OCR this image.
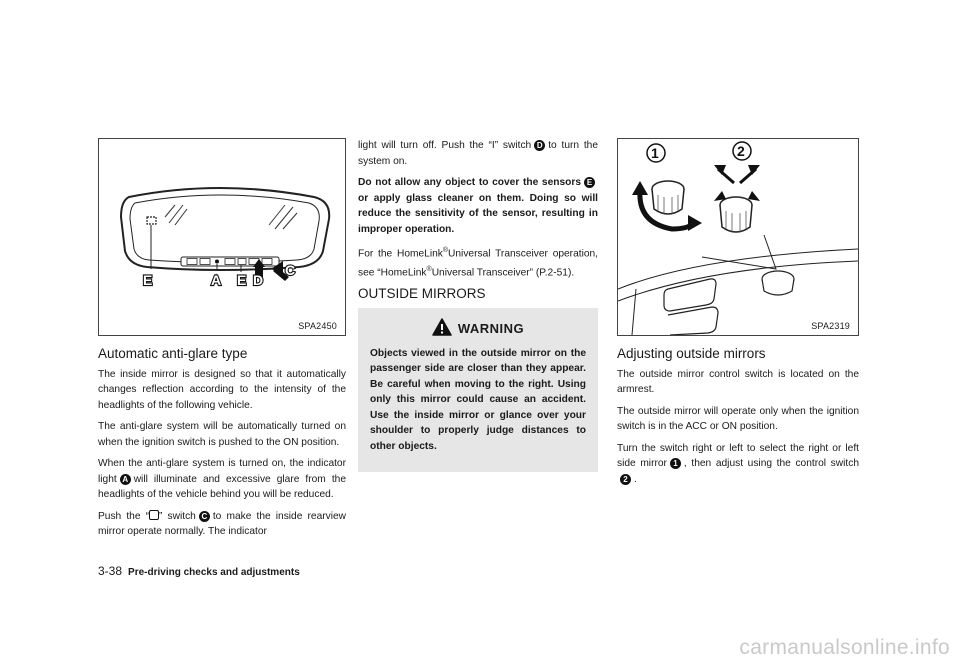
E	A E D
C
SPA2450
Automatic anti-glare type

The inside mirror is designed so that it automatically changes reflection according to the intensity of the headlights of the following vehicle.

The anti-glare system will be automatically turned on when the ignition switch is pushed to the ON position.

When the anti-glare system is turned on, the indicator light A will illuminate and excessive glare from the headlights of the vehicle behind you will be reduced.

Push the “ ” switch C to make the inside rearview mirror operate normally. The indicator

light will turn off. Push the “I” switch D to turn the system on.

Do not allow any object to cover the sensors Eor apply glass cleaner on them. Doing so will reduce the sensitivity of the sensor, resulting in improper operation.

For the HomeLink®Universal Transceiver operation, see “HomeLink®Universal Transceiver” (P.2-51).

OUTSIDE MIRRORS
WARNING

Objects viewed in the outside mirror on the passenger side are closer than they appear. Be careful when moving to the right. Using only this mirror could cause an accident. Use the inside mirror or glance over your shoulder to properly judge distances to other objects.

1	2
SPA2319
Adjusting outside mirrors

The outside mirror control switch is located on the armrest.

The outside mirror will operate only when the ignition switch is in the ACC or ON position.

Turn the switch right or left to select the right or left side mirror 1 , then adjust using the control switch2 .

3-38 Pre-driving checks and adjustments
carmanualsonline.info
